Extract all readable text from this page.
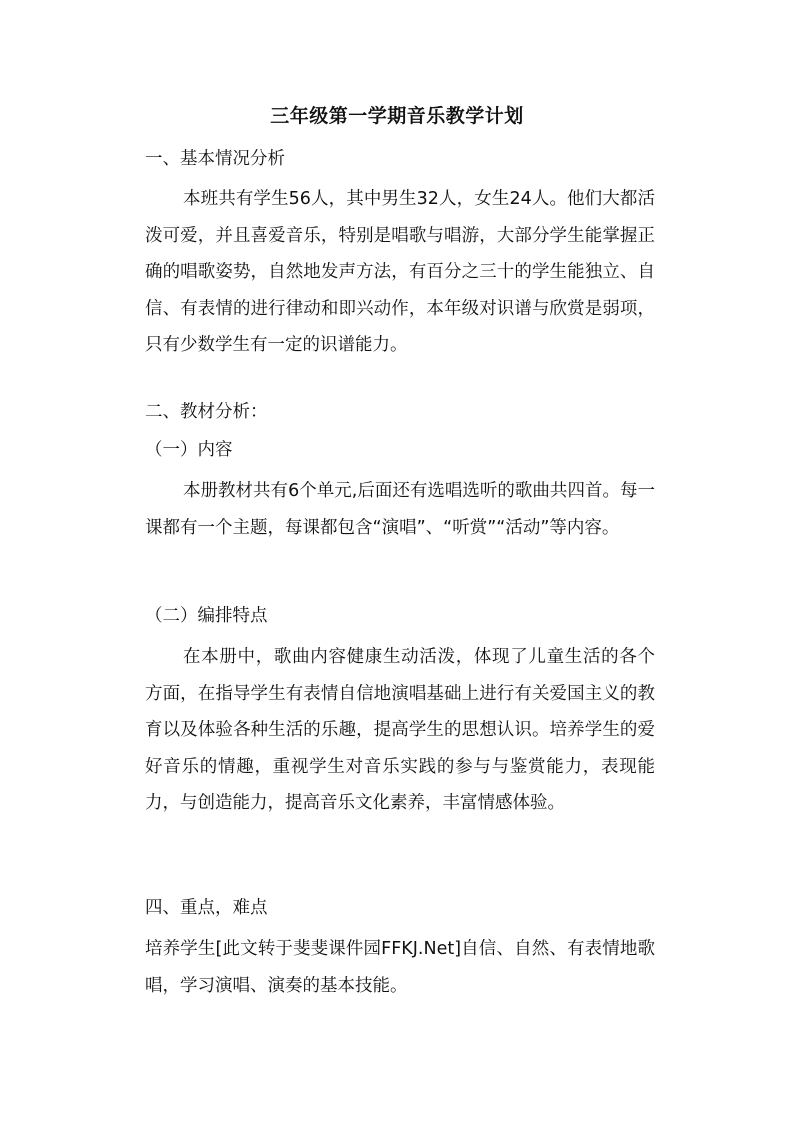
三年级第一学期音乐教学计划
一、基本情况分析
本班共有学生56人，其中男生32人，女生24人。他们大都活泼可爱，并且喜爱音乐，特别是唱歌与唱游，大部分学生能掌握正确的唱歌姿势，自然地发声方法，有百分之三十的学生能独立、自信、有表情的进行律动和即兴动作，本年级对识谱与欣赏是弱项，只有少数学生有一定的识谱能力。
二、教材分析：
（一）内容
本册教材共有6个单元,后面还有选唱选听的歌曲共四首。每一课都有一个主题，每课都包含“演唱”、“听赏”“活动”等内容。
（二）编排特点
在本册中，歌曲内容健康生动活泼，体现了儿童生活的各个方面，在指导学生有表情自信地演唱基础上进行有关爱国主义的教育以及体验各种生活的乐趣，提高学生的思想认识。培养学生的爱好音乐的情趣，重视学生对音乐实践的参与与鉴赏能力，表现能力，与创造能力，提高音乐文化素养，丰富情感体验。
四、重点，难点
培养学生[此文转于斐斐课件园FFKJ.Net]自信、自然、有表情地歌唱，学习演唱、演奏的基本技能。
